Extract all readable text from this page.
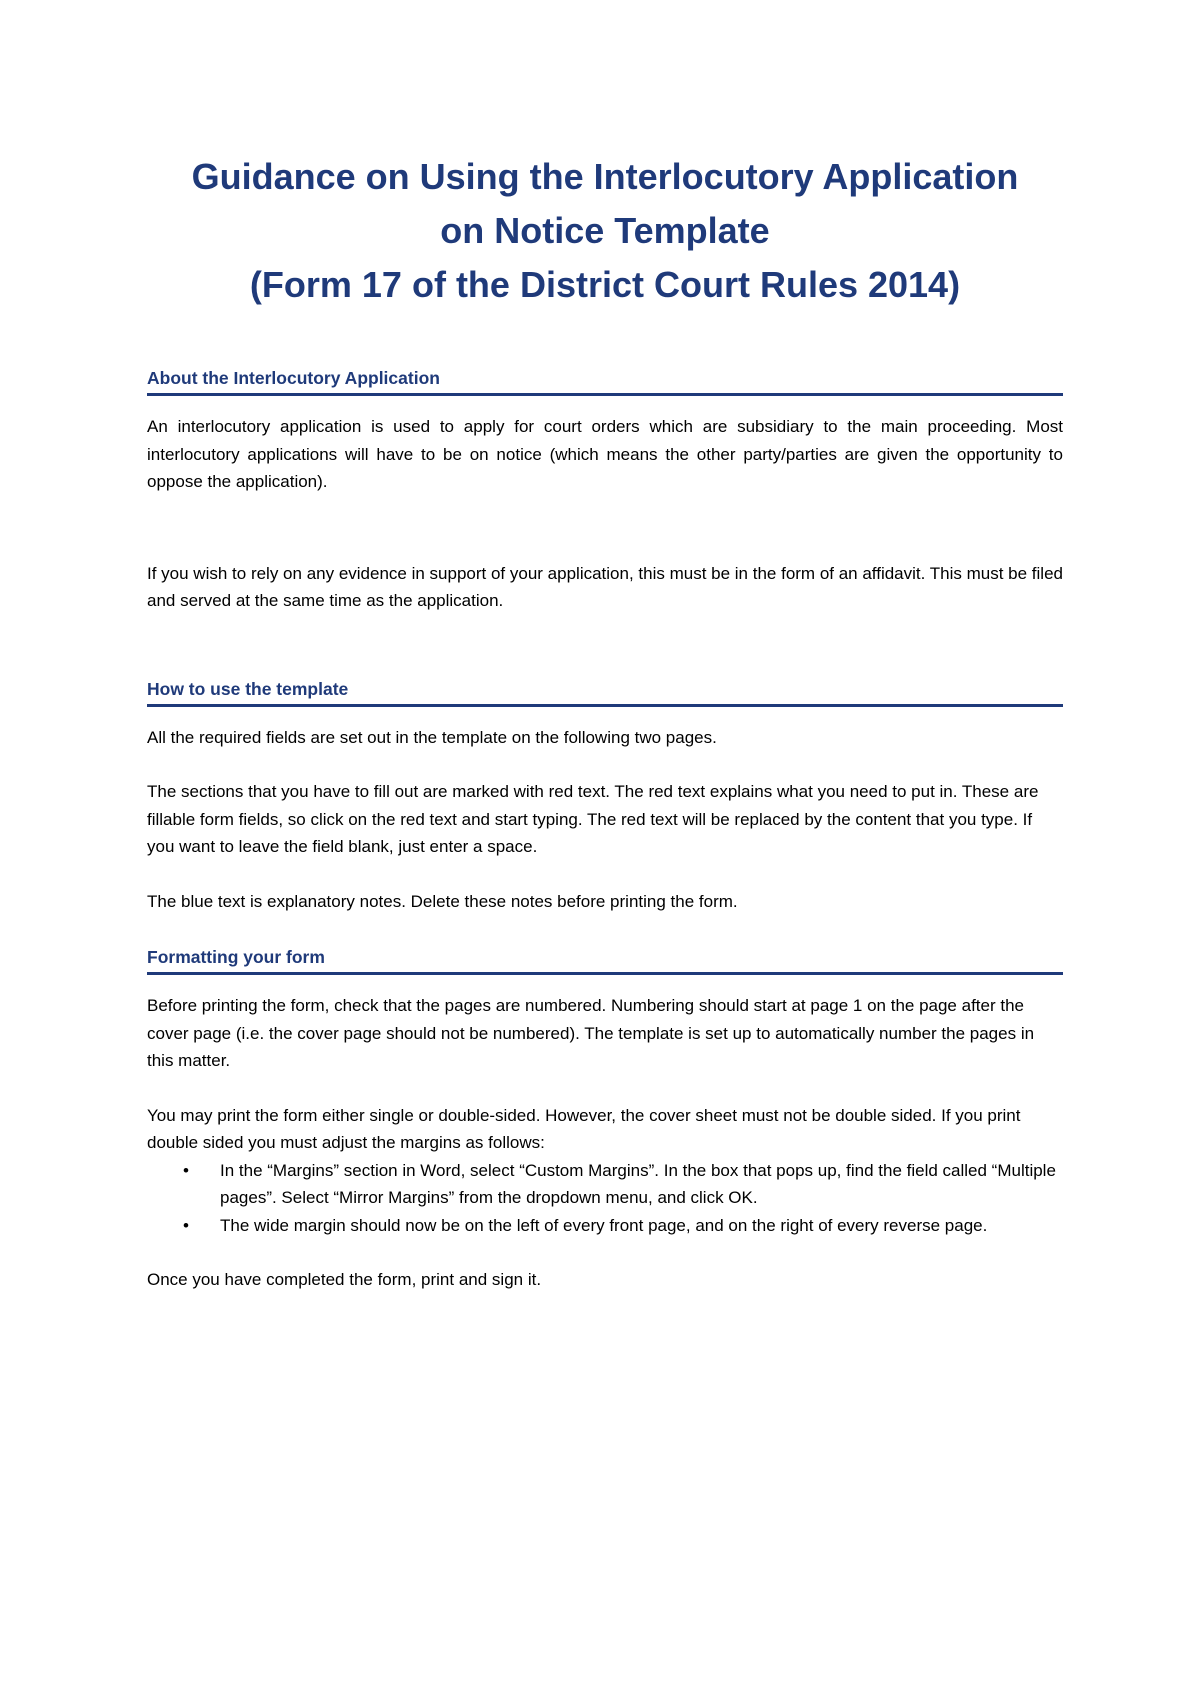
Guidance on Using the Interlocutory Application
on Notice Template
(Form 17 of the District Court Rules 2014)
About the Interlocutory Application

An interlocutory application is used to apply for court orders which are subsidiary to the main proceeding. Most interlocutory applications will have to be on notice (which means the other party/parties are given the opportunity to oppose the application).

If you wish to rely on any evidence in support of your application, this must be in the form of an affidavit. This must be filed and served at the same time as the application.

How to use the template

All the required fields are set out in the template on the following two pages.

The sections that you have to fill out are marked with red text. The red text explains what you need to put in. These are fillable form fields, so click on the red text and start typing. The red text will be replaced by the content that you type. If you want to leave the field blank, just enter a space.

The blue text is explanatory notes. Delete these notes before printing the form.

Formatting your form

Before printing the form, check that the pages are numbered. Numbering should start at page 1 on the page after the cover page (i.e. the cover page should not be numbered). The template is set up to automatically number the pages in this matter.

You may print the form either single or double-sided. However, the cover sheet must not be double sided. If you print double sided you must adjust the margins as follows:

• In the “Margins” section in Word, select “Custom Margins”. In the box that pops up, find the field called “Multiple pages”. Select “Mirror Margins” from the dropdown menu, and click OK.
• The wide margin should now be on the left of every front page, and on the right of every reverse page.

Once you have completed the form, print and sign it.
